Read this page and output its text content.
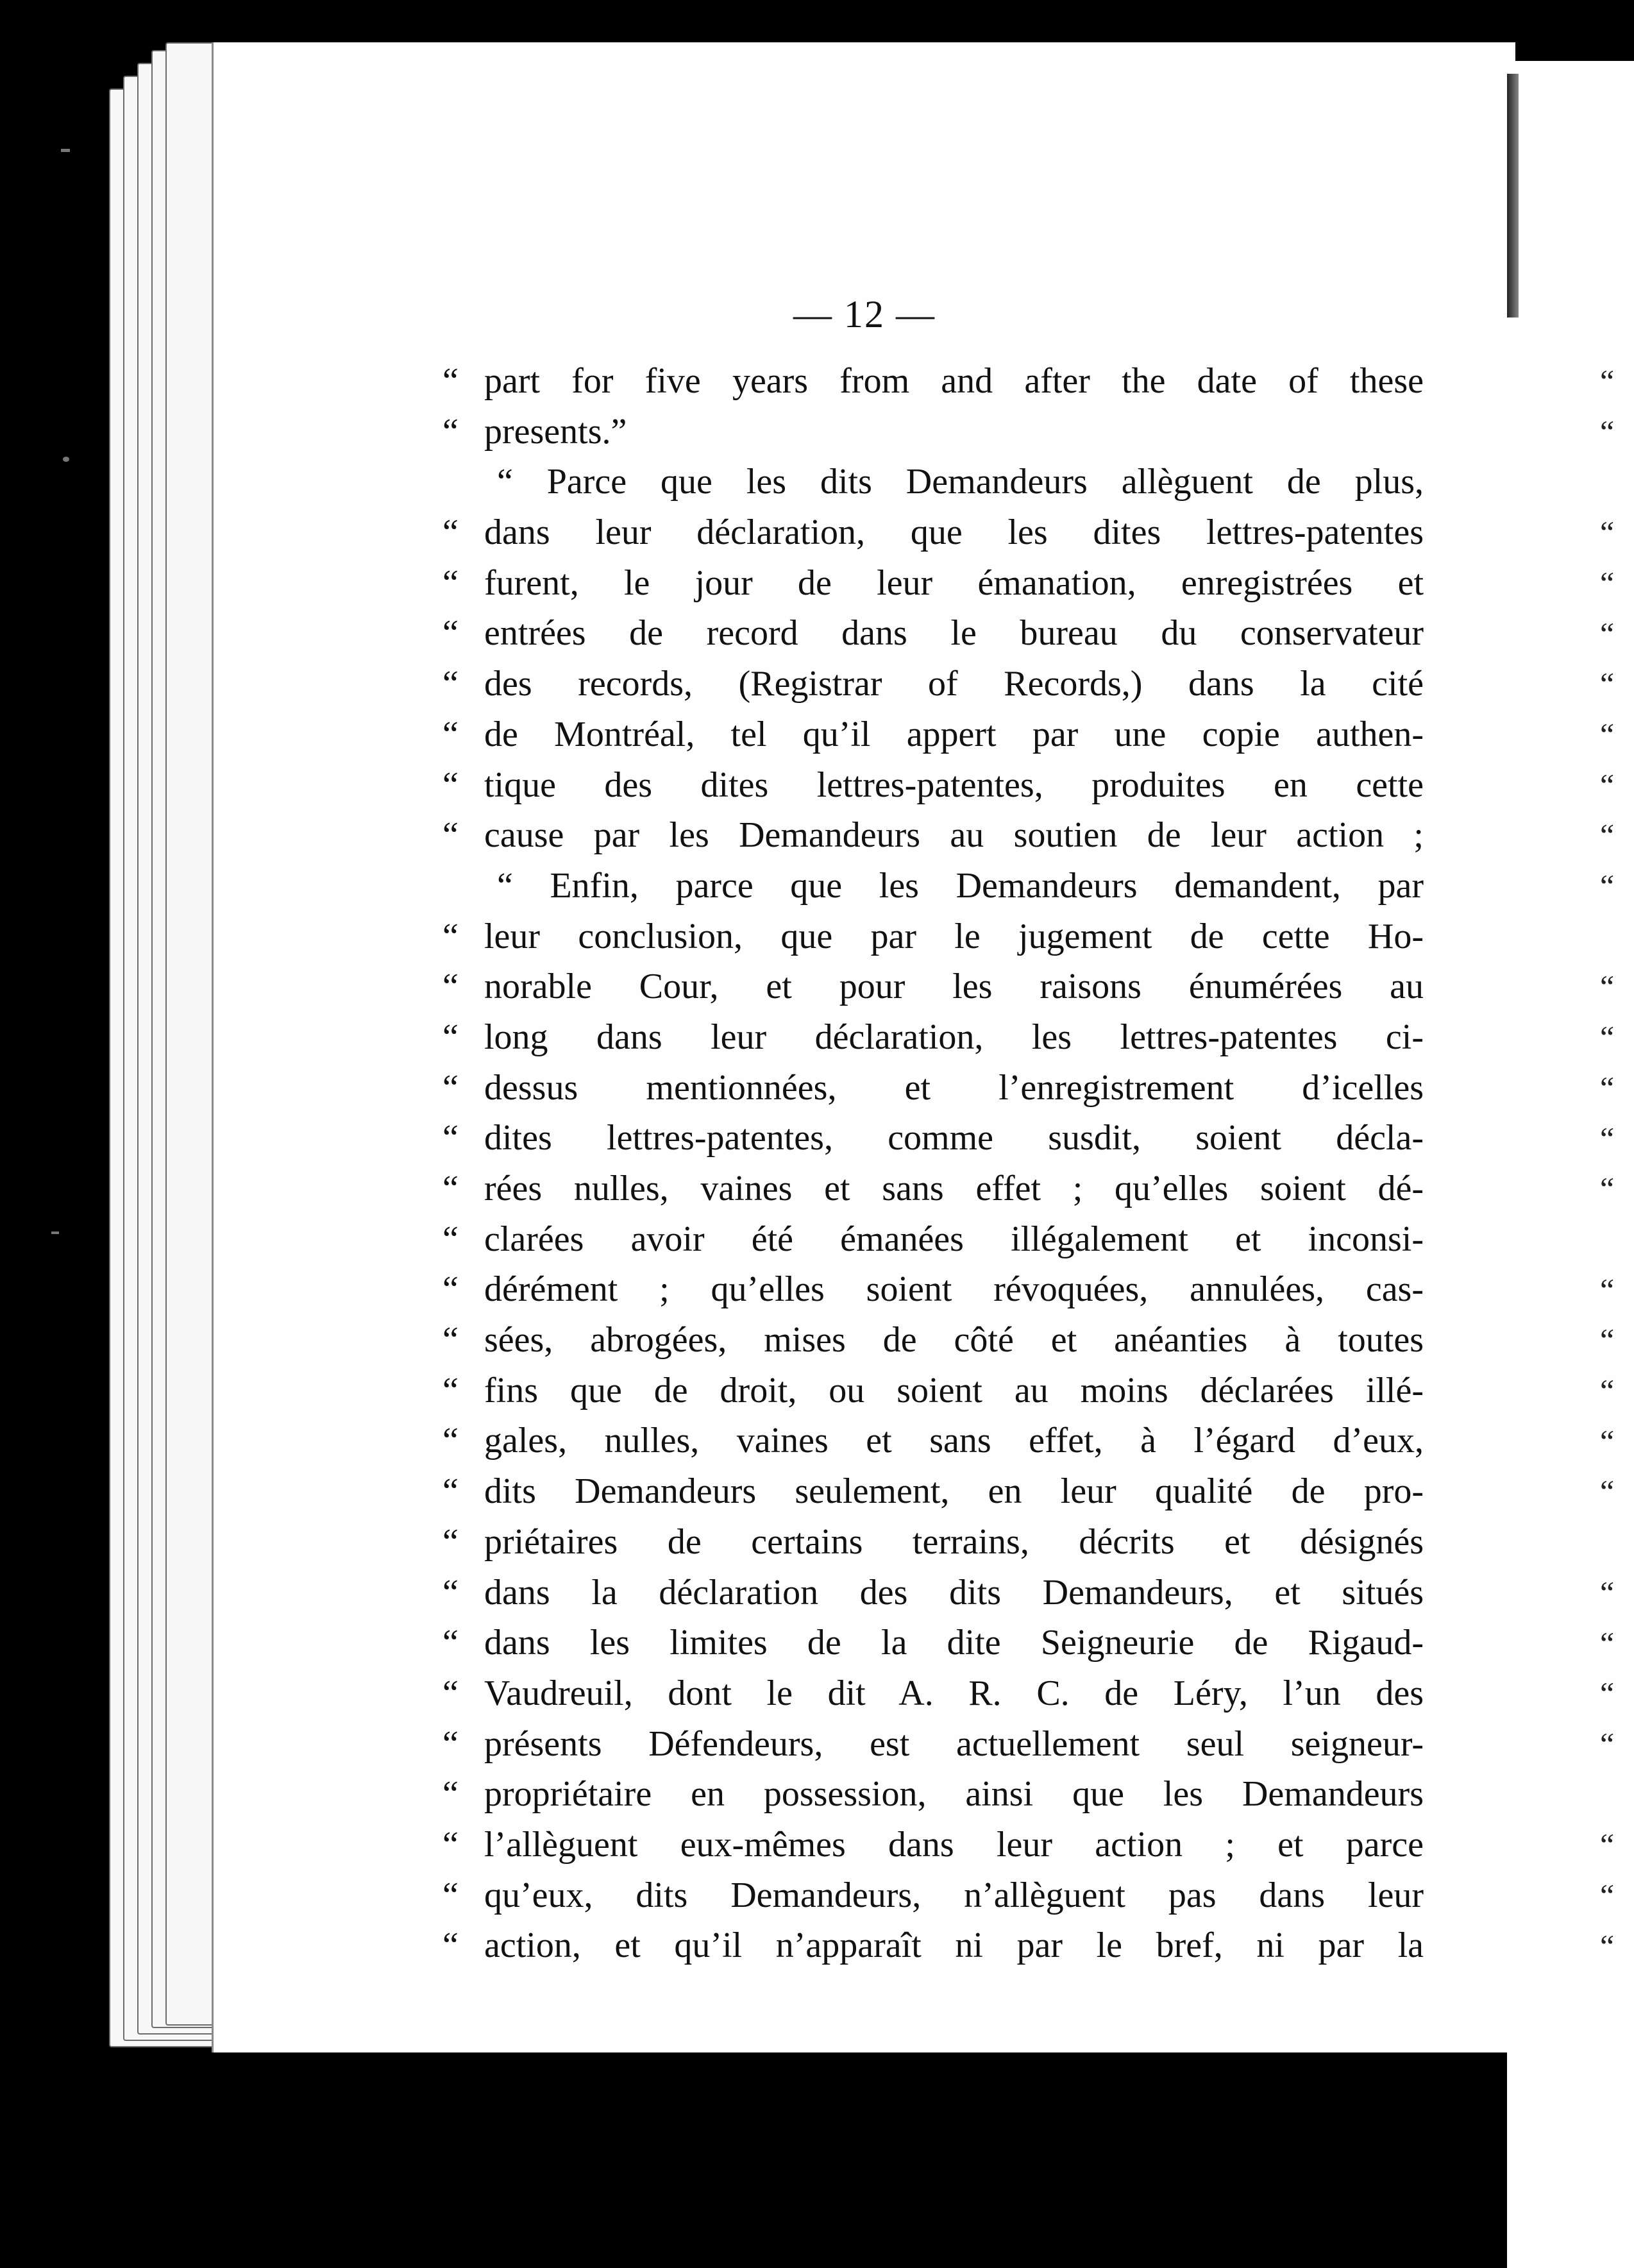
— 12 —
“ part for five years from and after the date of these
“ presents.”
“ Parce que les dits Demandeurs allèguent de plus,
“ dans leur déclaration, que les dites lettres-patentes
“ furent, le jour de leur émanation, enregistrées et
“ entrées de record dans le bureau du conservateur
“ des records, (Registrar of Records,) dans la cité
“ de Montréal, tel qu’il appert par une copie authen-
“ tique des dites lettres-patentes, produites en cette
“ cause par les Demandeurs au soutien de leur action ;
“ Enfin, parce que les Demandeurs demandent, par
“ leur conclusion, que par le jugement de cette Ho-
“ norable Cour, et pour les raisons énumérées au
“ long dans leur déclaration, les lettres-patentes ci-
“ dessus mentionnées, et l’enregistrement d’icelles
“ dites lettres-patentes, comme susdit, soient décla-
“ rées nulles, vaines et sans effet ; qu’elles soient dé-
“ clarées avoir été émanées illégalement et inconsi-
“ dérément ; qu’elles soient révoquées, annulées, cas-
“ sées, abrogées, mises de côté et anéanties à toutes
“ fins que de droit, ou soient au moins déclarées illé-
“ gales, nulles, vaines et sans effet, à l’égard d’eux,
“ dits Demandeurs seulement, en leur qualité de pro-
“ priétaires de certains terrains, décrits et désignés
“ dans la déclaration des dits Demandeurs, et situés
“ dans les limites de la dite Seigneurie de Rigaud-
“ Vaudreuil, dont le dit A. R. C. de Léry, l’un des
“ présents Défendeurs, est actuellement seul seigneur-
“ propriétaire en possession, ainsi que les Demandeurs
“ l’allèguent eux-mêmes dans leur action ; et parce
“ qu’eux, dits Demandeurs, n’allèguent pas dans leur
“ action, et qu’il n’apparaît ni par le bref, ni par la
“
“
“
“
“
“
“
“
“
“
“
“
“
“
“
“
“
“
“
“
“
“
“
“
“
“
“
